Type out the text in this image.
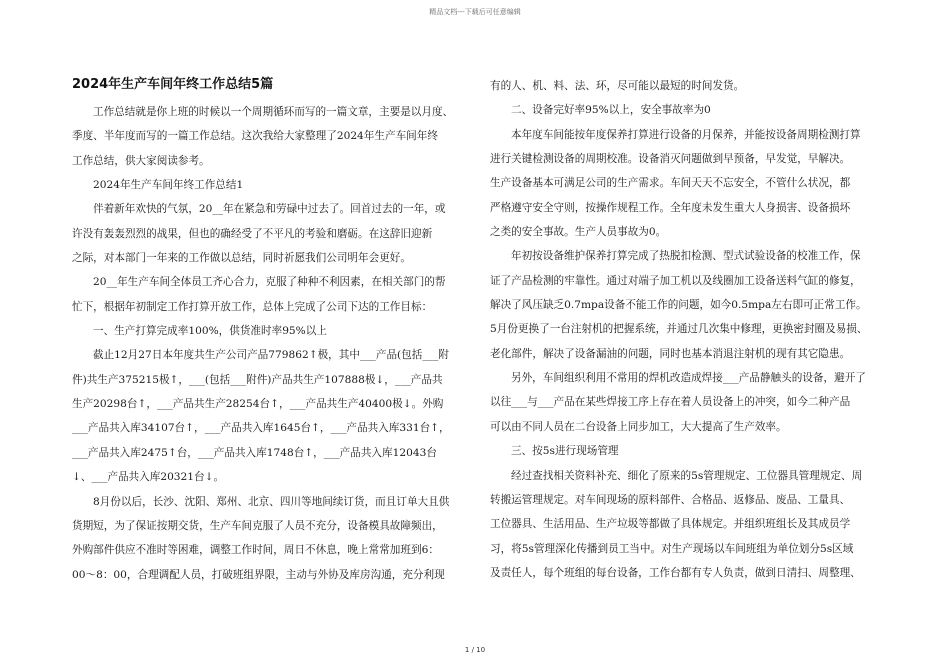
精品文档---下载后可任意编辑

2024年生产车间年终工作总结5篇

工作总结就是你上班的时候以一个周期循环而写的一篇文章，主要是以月度、

季度、半年度而写的一篇工作总结。这次我给大家整理了2024年生产车间年终

工作总结，供大家阅读参考。

2024年生产车间年终工作总结1

伴着新年欢快的气氛，20__年在紧急和劳碌中过去了。回首过去的一年，或

许没有轰轰烈烈的战果，但也的确经受了不平凡的考验和磨砺。在这辞旧迎新

之际，对本部门一年来的工作做以总结，同时祈愿我们公司明年会更好。

20__年生产车间全体员工齐心合力，克服了种种不利因素，在相关部门的帮

忙下，根据年初制定工作打算开放工作，总体上完成了公司下达的工作目标：

一、生产打算完成率100%，供货准时率95%以上

截止12月27日本年度共生产公司产品779862↑极，其中___产品(包括___附

件)共生产375215极↑，___(包括___附件)产品共生产107888极↓，___产品共

生产20298台↑，___产品共生产28254台↑，___产品共生产40400极↓。外购

___产品共入库34107台↑，___产品共入库1645台↑，___产品共入库331台↑，

___产品共入库2475↑台，___产品共入库1748台↑，___产品共入库12043台

↓、___产品共入库20321台↓。

8月份以后，长沙、沈阳、郑州、北京、四川等地间续订货，而且订单大且供

货期短，为了保证按期交货，生产车间克服了人员不充分，设备模具故障频出，

外购部件供应不准时等困难，调整工作时间，周日不休息，晚上常常加班到6：

00～8：00，合理调配人员，打破班组界限，主动与外协及库房沟通，充分利现

有的人、机、料、法、环，尽可能以最短的时间发货。

二、设备完好率95%以上，安全事故率为0

本年度车间能按年度保养打算进行设备的月保养，并能按设备周期检测打算

进行关键检测设备的周期校准。设备消灭问题做到早预备，早发觉，早解决。

生产设备基本可满足公司的生产需求。车间天天不忘安全，不管什么状况，都

严格遵守安全守则，按操作规程工作。全年度未发生重大人身损害、设备损坏

之类的安全事故。生产人员事故为0。

年初按设备维护保养打算完成了热脱扣检测、型式试验设备的校准工作，保

证了产品检测的牢靠性。通过对端子加工机以及线圈加工设备送料气缸的修复，

解决了风压缺乏0.7mpa设备不能工作的问题，如今0.5mpa左右即可正常工作。

5月份更换了一台注射机的把握系统，并通过几次集中修理，更换密封圈及易损、

老化部件，解决了设备漏油的问题，同时也基本消退注射机的现有其它隐患。

另外，车间组织利用不常用的焊机改造成焊接___产品静触头的设备，避开了

以往___与___产品在某些焊接工序上存在着人员设备上的冲突，如今二种产品

可以由不同人员在二台设备上同步加工，大大提高了生产效率。

三、按5s进行现场管理

经过查找相关资料补充、细化了原来的5s管理规定、工位器具管理规定、周

转搬运管理规定。对车间现场的原料部件、合格品、返修品、废品、工量具、

工位器具、生活用品、生产垃圾等都做了具体规定。并组织班组长及其成员学

习，将5s管理深化传播到员工当中。对生产现场以车间班组为单位划分5s区域

及责任人，每个班组的每台设备，工作台都有专人负责，做到日清扫、周整理、

1 / 10
